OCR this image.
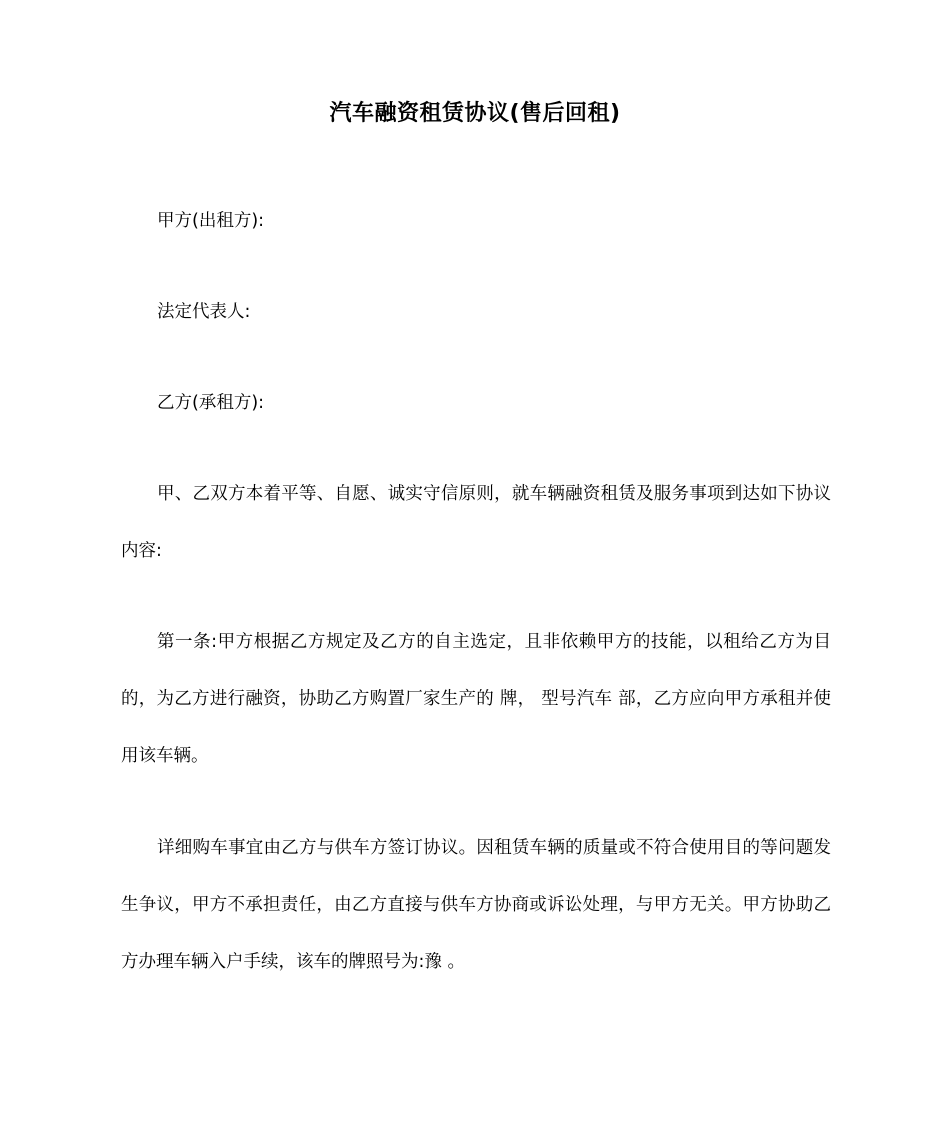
汽车融资租赁协议(售后回租)
甲方(出租方):
法定代表人:
乙方(承租方):
甲、乙双方本着平等、自愿、诚实守信原则，就车辆融资租赁及服务事项到达如下协议内容:
第一条:甲方根据乙方规定及乙方的自主选定，且非依赖甲方的技能，以租给乙方为目的，为乙方进行融资，协助乙方购置厂家生产的 牌， 型号汽车 部，乙方应向甲方承租并使用该车辆。
详细购车事宜由乙方与供车方签订协议。因租赁车辆的质量或不符合使用目的等问题发生争议，甲方不承担责任，由乙方直接与供车方协商或诉讼处理，与甲方无关。甲方协助乙方办理车辆入户手续，该车的牌照号为:豫 。
